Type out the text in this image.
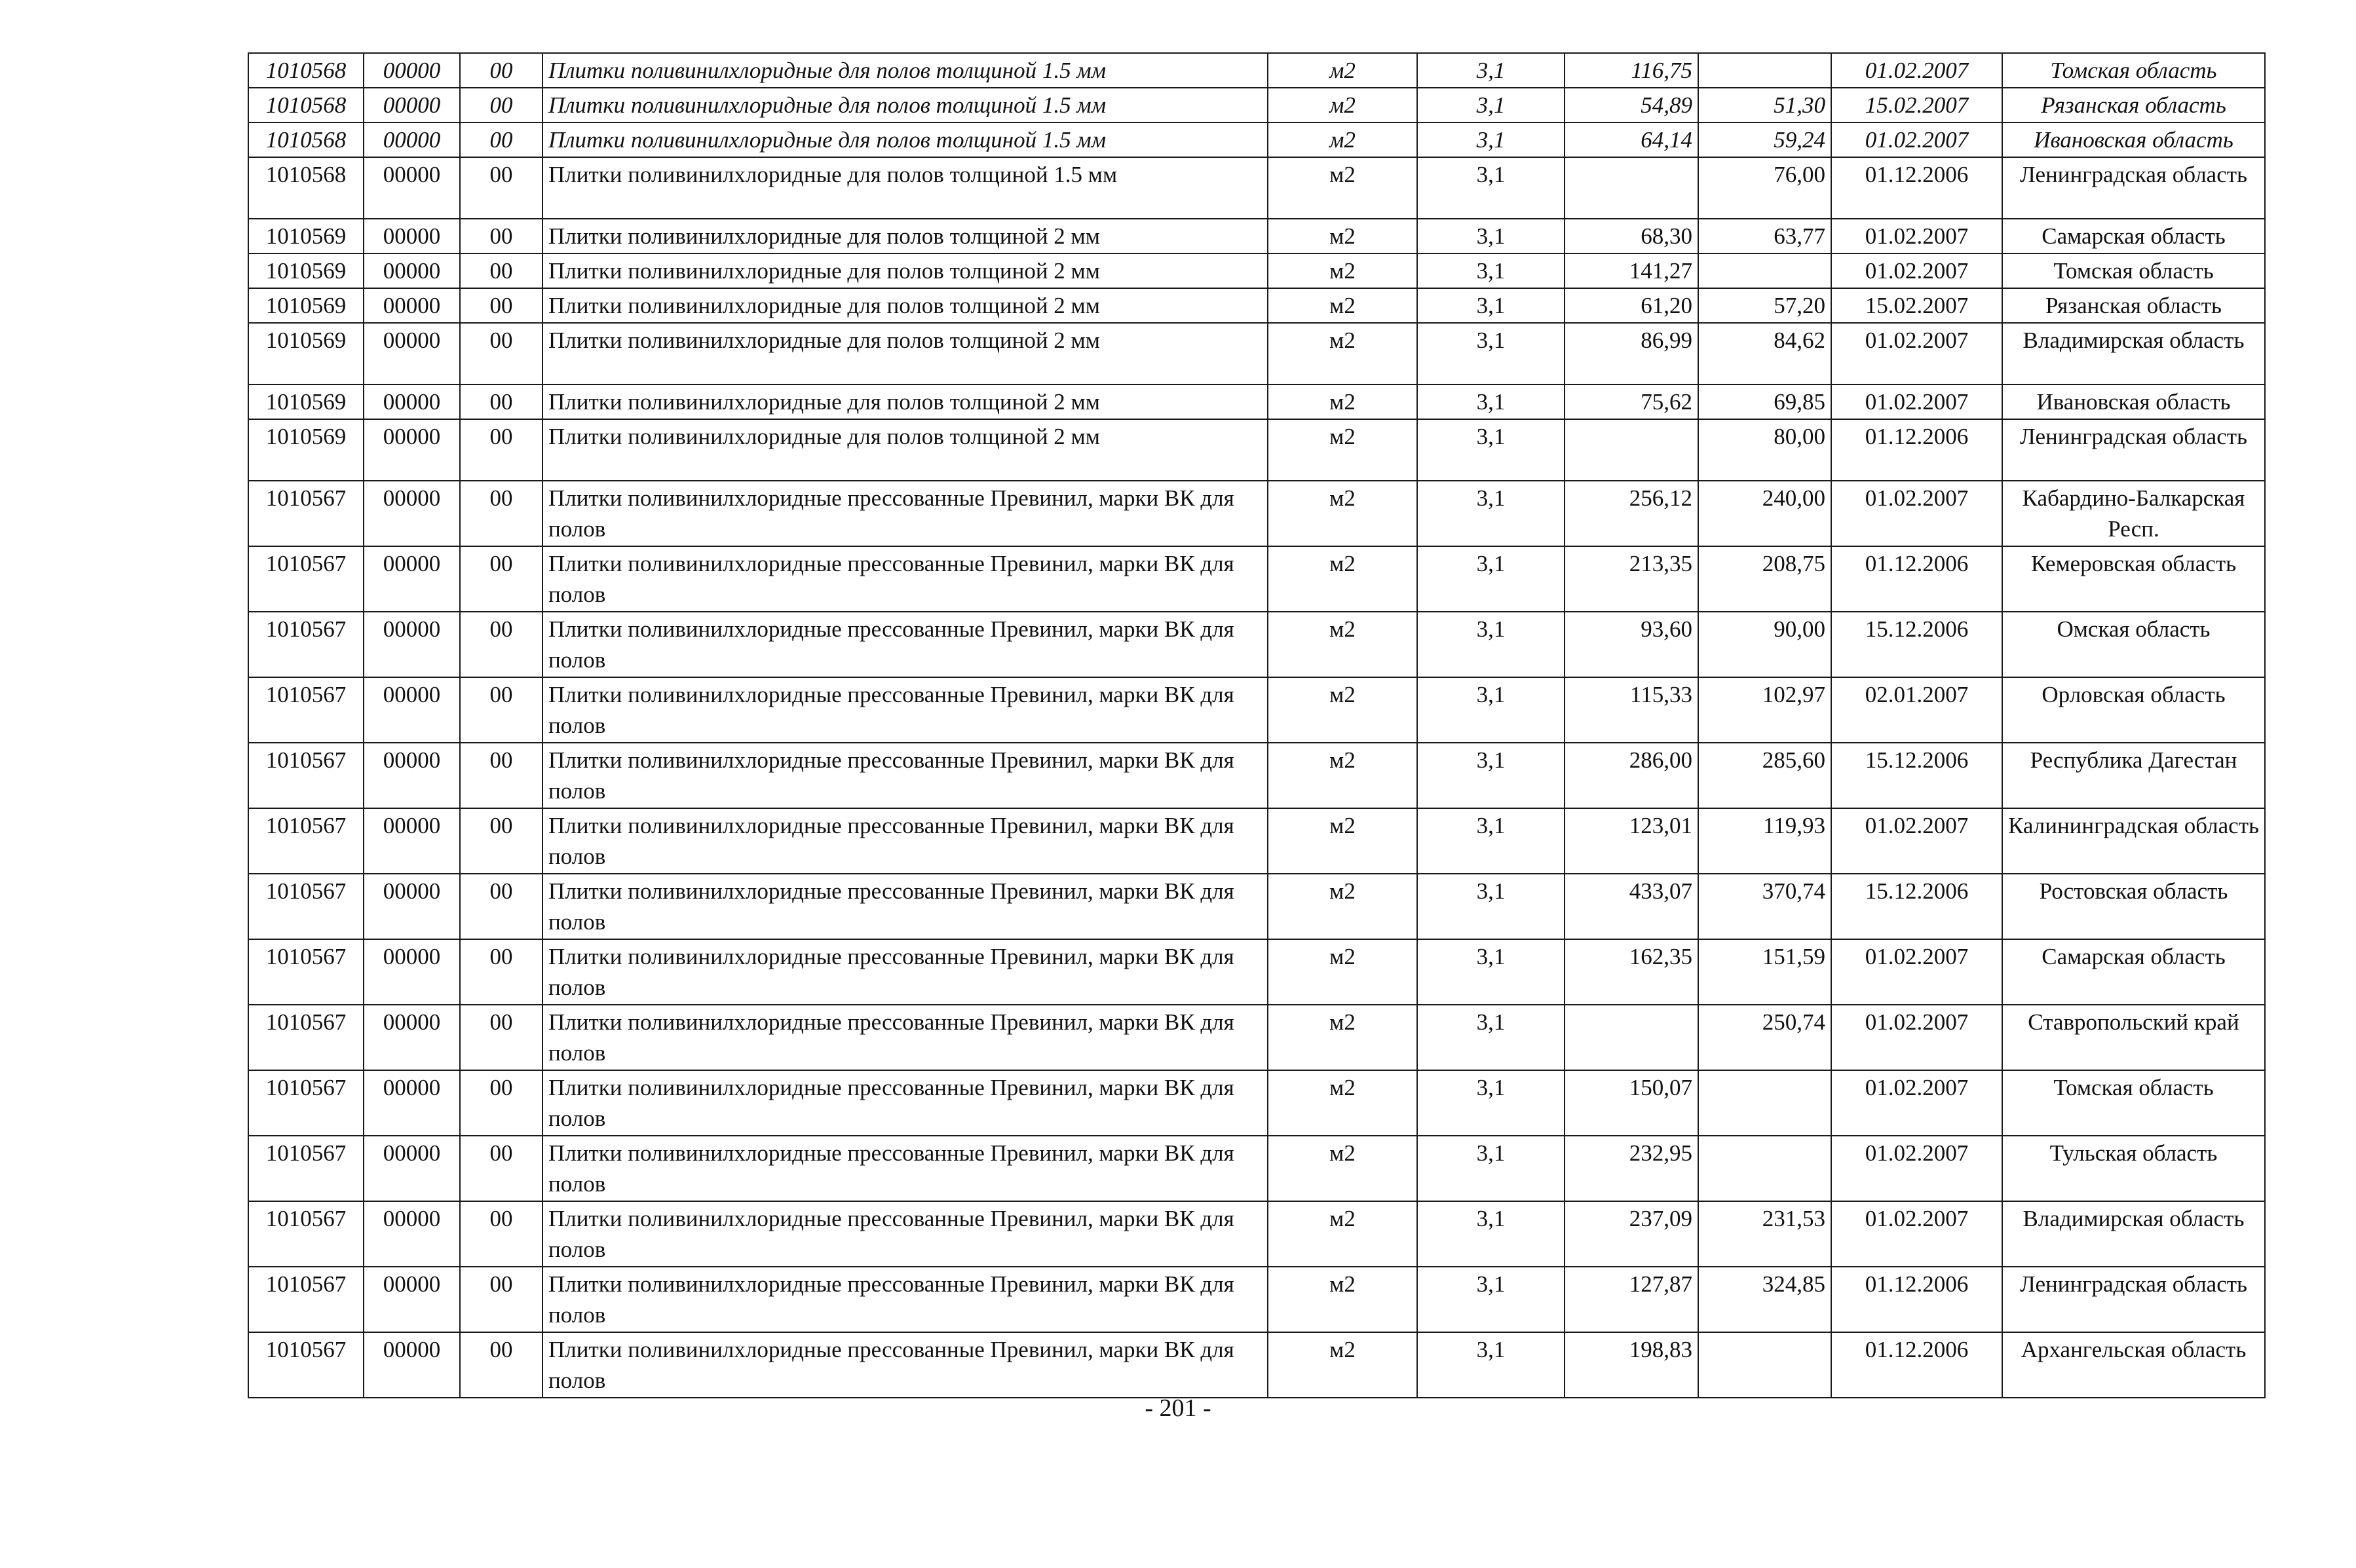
1010568	00000	00	Плитки поливинилхлоридные для полов толщиной 1.5 мм	м2	3,1	116,75		01.02.2007	Томская область
1010568	00000	00	Плитки поливинилхлоридные для полов толщиной 1.5 мм	м2	3,1	54,89	51,30	15.02.2007	Рязанская область
1010568	00000	00	Плитки поливинилхлоридные для полов толщиной 1.5 мм	м2	3,1	64,14	59,24	01.02.2007	Ивановская область
1010568	00000	00	Плитки поливинилхлоридные для полов толщиной 1.5 мм	м2	3,1		76,00	01.12.2006	Ленинградская область
1010569	00000	00	Плитки поливинилхлоридные для полов толщиной 2 мм	м2	3,1	68,30	63,77	01.02.2007	Самарская область
1010569	00000	00	Плитки поливинилхлоридные для полов толщиной 2 мм	м2	3,1	141,27		01.02.2007	Томская область
1010569	00000	00	Плитки поливинилхлоридные для полов толщиной 2 мм	м2	3,1	61,20	57,20	15.02.2007	Рязанская область
1010569	00000	00	Плитки поливинилхлоридные для полов толщиной 2 мм	м2	3,1	86,99	84,62	01.02.2007	Владимирская область
1010569	00000	00	Плитки поливинилхлоридные для полов толщиной 2 мм	м2	3,1	75,62	69,85	01.02.2007	Ивановская область
1010569	00000	00	Плитки поливинилхлоридные для полов толщиной 2 мм	м2	3,1		80,00	01.12.2006	Ленинградская область
1010567	00000	00	Плитки поливинилхлоридные прессованные Превинил, марки ВК для полов	м2	3,1	256,12	240,00	01.02.2007	Кабардино-Балкарская Респ.
1010567	00000	00	Плитки поливинилхлоридные прессованные Превинил, марки ВК для полов	м2	3,1	213,35	208,75	01.12.2006	Кемеровская область
1010567	00000	00	Плитки поливинилхлоридные прессованные Превинил, марки ВК для полов	м2	3,1	93,60	90,00	15.12.2006	Омская область
1010567	00000	00	Плитки поливинилхлоридные прессованные Превинил, марки ВК для полов	м2	3,1	115,33	102,97	02.01.2007	Орловская область
1010567	00000	00	Плитки поливинилхлоридные прессованные Превинил, марки ВК для полов	м2	3,1	286,00	285,60	15.12.2006	Республика Дагестан
1010567	00000	00	Плитки поливинилхлоридные прессованные Превинил, марки ВК для полов	м2	3,1	123,01	119,93	01.02.2007	Калининградская область
1010567	00000	00	Плитки поливинилхлоридные прессованные Превинил, марки ВК для полов	м2	3,1	433,07	370,74	15.12.2006	Ростовская область
1010567	00000	00	Плитки поливинилхлоридные прессованные Превинил, марки ВК для полов	м2	3,1	162,35	151,59	01.02.2007	Самарская область
1010567	00000	00	Плитки поливинилхлоридные прессованные Превинил, марки ВК для полов	м2	3,1		250,74	01.02.2007	Ставропольский край
1010567	00000	00	Плитки поливинилхлоридные прессованные Превинил, марки ВК для полов	м2	3,1	150,07		01.02.2007	Томская область
1010567	00000	00	Плитки поливинилхлоридные прессованные Превинил, марки ВК для полов	м2	3,1	232,95		01.02.2007	Тульская область
1010567	00000	00	Плитки поливинилхлоридные прессованные Превинил, марки ВК для полов	м2	3,1	237,09	231,53	01.02.2007	Владимирская область
1010567	00000	00	Плитки поливинилхлоридные прессованные Превинил, марки ВК для полов	м2	3,1	127,87	324,85	01.12.2006	Ленинградская область
1010567	00000	00	Плитки поливинилхлоридные прессованные Превинил, марки ВК для полов	м2	3,1	198,83		01.12.2006	Архангельская область
- 201 -
